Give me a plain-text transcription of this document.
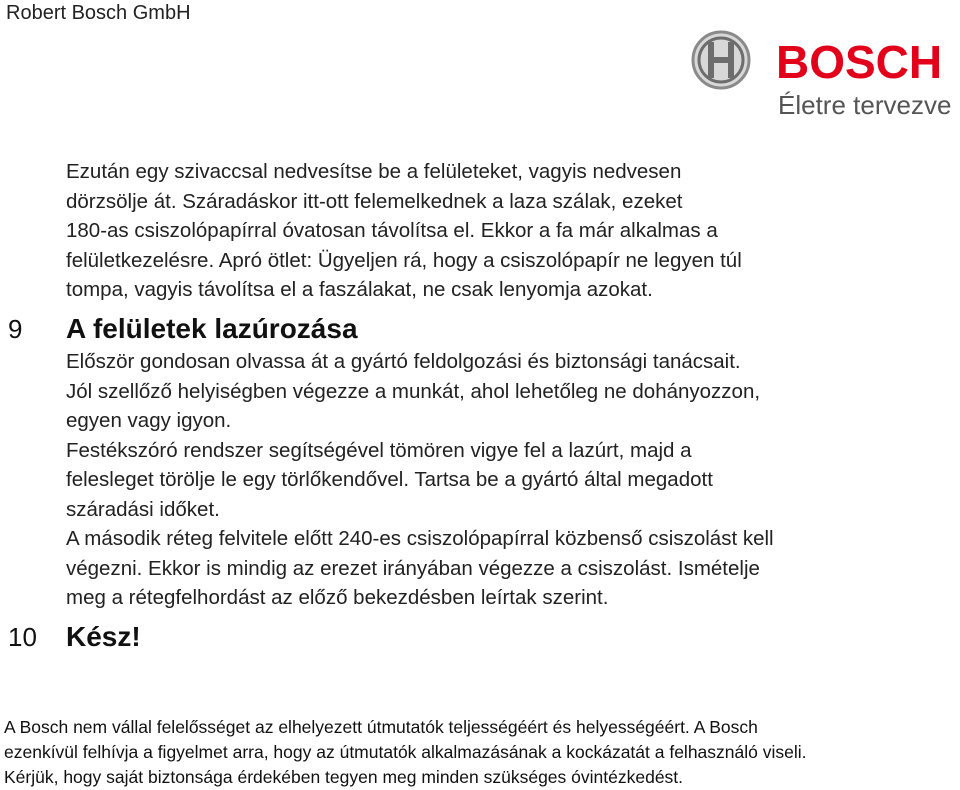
Robert Bosch GmbH
BOSCH
Életre tervezve
Ezután egy szivaccsal nedvesítse be a felületeket, vagyis nedvesen
dörzsölje át. Száradáskor itt-ott felemelkednek a laza szálak, ezeket
180-as csiszolópapírral óvatosan távolítsa el. Ekkor a fa már alkalmas a
felületkezelésre. Apró ötlet: Ügyeljen rá, hogy a csiszolópapír ne legyen túl
tompa, vagyis távolítsa el a faszálakat, ne csak lenyomja azokat.
9 A felületek lazúrozása
Először gondosan olvassa át a gyártó feldolgozási és biztonsági tanácsait.
Jól szellőző helyiségben végezze a munkát, ahol lehetőleg ne dohányozzon,
egyen vagy igyon.
Festékszóró rendszer segítségével tömören vigye fel a lazúrt, majd a
felesleget törölje le egy törlőkendővel. Tartsa be a gyártó által megadott
száradási időket.
A második réteg felvitele előtt 240-es csiszolópapírral közbenső csiszolást kell
végezni. Ekkor is mindig az erezet irányában végezze a csiszolást. Ismételje
meg a rétegfelhordást az előző bekezdésben leírtak szerint.
10 Kész!
A Bosch nem vállal felelősséget az elhelyezett útmutatók teljességéért és helyességéért. A Bosch
ezenkívül felhívja a figyelmet arra, hogy az útmutatók alkalmazásának a kockázatát a felhasználó viseli.
Kérjük, hogy saját biztonsága érdekében tegyen meg minden szükséges óvintézkedést.
